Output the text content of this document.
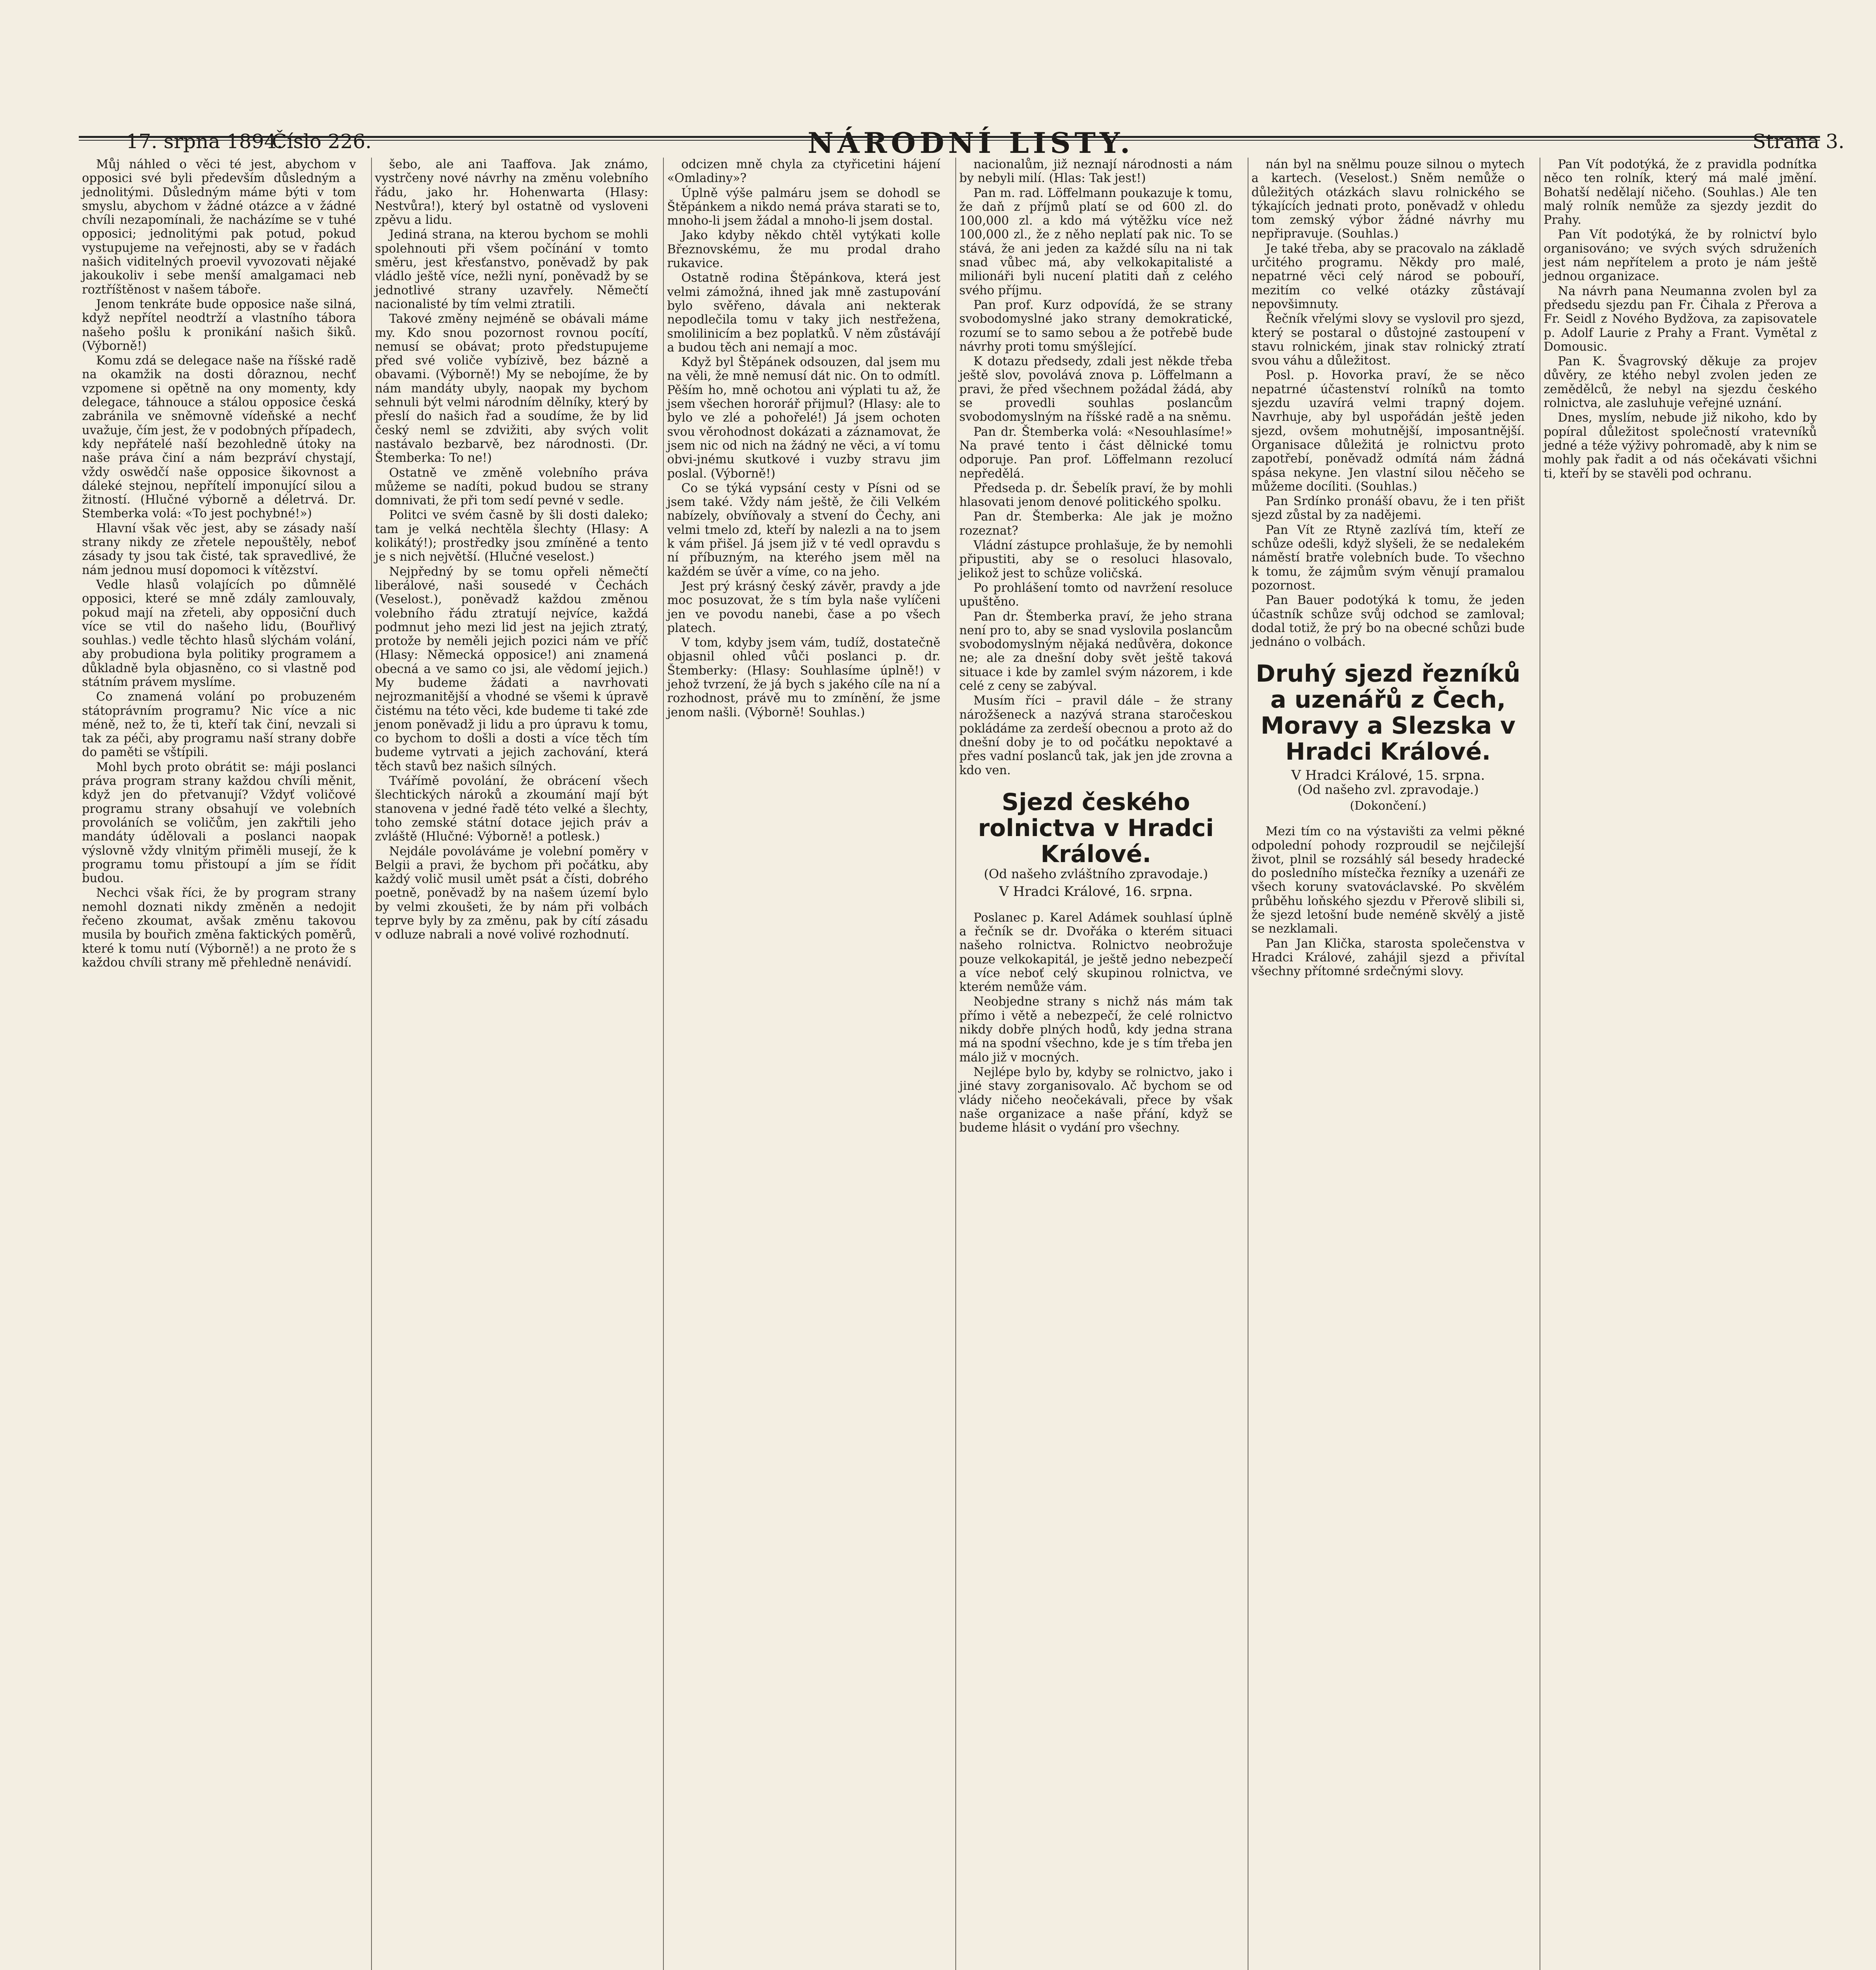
17. srpna 1894.
Číslo 226.	NÁRODNÍ LISTY.	Strana 3.

Můj náhled o věci té jest, abychom v opposici své byli především důsledným a jednolitými. Důsledným máme býti v tom smyslu, abychom v žádné otázce a v žádné chvíli nezapomínali, že nacházíme se v tuhé opposici; jednolitými pak potud, pokud vystupujeme na veřejnosti, aby se v řadách našich viditelných proevil vyvozovati nějaké jakoukoliv i sebe menší amalgamaci neb roztříštěnost v našem táboře.

Jenom tenkráte bude opposice naše silná, když nepřítel neodtrží a vlastního tábora našeho pošlu k pronikání našich šiků. (Výborně!)

Komu zdá se delegace naše na říšské radě na okamžik na dosti dôraznou, nechť vzpomene si opětně na ony momenty, kdy delegace, táhnouce a stálou opposice česká zabránila ve sněmovně vídeňské a nechť uvažuje, čím jest, že v podobných případech, kdy nepřátelé naší bezohledně útoky na naše práva činí a nám bezpráví chystají, vždy oswědčí naše opposice šikovnost a dáleké stejnou, nepřítelí imponující silou a žitností. (Hlučné výborně a déletrvá. Dr. Stemberka volá: «To jest pochybné!»)

Hlavní však věc jest, aby se zásady naší strany nikdy ze zřetele nepouštěly, neboť zásady ty jsou tak čisté, tak spravedlivé, že nám jednou musí dopomoci k vítězství.

Vedle hlasů volajících po důmnělé opposici, které se mně zdály zamlouvaly, pokud mají na zřeteli, aby opposiční duch více se vtil do našeho lidu, (Bouřlivý souhlas.) vedle těchto hlasů slýchám volání, aby probudiona byla politiky programem a důkladně byla objasněno, co si vlastně pod státním právem myslíme.

Co znamená volání po probuzeném státoprávním programu? Nic více a nic méně, než to, že ti, kteří tak činí, nevzali si tak za péči, aby programu naší strany dobře do paměti se vštípili.

Mohl bych proto obrátit se: máji poslanci práva program strany každou chvíli měnit, když jen do přetvanují? Vždyť voličové programu strany obsahují ve volebních provoláních se voličům, jen zakřtili jeho mandáty údělovali a poslanci naopak výslovně vždy vlnitým přiměli musejí, že k programu tomu přistoupí a jím se řídit budou.

Nechci však říci, že by program strany nemohl doznati nikdy změněn a nedojit řečeno zkoumat, avšak změnu takovou musila by bouřich změna faktických poměrů, které k tomu nutí (Výborně!) a ne proto že s každou chvíli strany mě přehledně nenávidí.

šebo, ale ani Taaffova. Jak známo, vystrčeny nové návrhy na změnu volebního řádu, jako hr. Hohenwarta (Hlasy: Nestvůra!), který byl ostatně od vysloveni zpěvu a lidu.

Jediná strana, na kterou bychom se mohli spolehnouti při všem počínání v tomto směru, jest křesťanstvo, poněvadž by pak vládlo ještě více, nežli nyní, poněvadž by se jednotlivé strany uzavřely. Němečtí nacionalisté by tím velmi ztratili.

Takové změny nejméně se obávali máme my. Kdo snou pozornost rovnou pocítí, nemusí se obávat; proto předstupujeme před své voliče vybízivě, bez bázně a obavami. (Výborně!) My se nebojíme, že by nám mandáty ubyly, naopak my bychom sehnuli být velmi národním dělníky, který by přeslí do našich řad a soudíme, že by lid český neml se zdvižiti, aby svých volit nastávalo bezbarvě, bez národnosti. (Dr. Štemberka: To ne!)

Ostatně ve změně volebního práva můžeme se nadíti, pokud budou se strany domnivati, že při tom sedí pevné v sedle.

Politci ve svém časně by šli dosti daleko; tam je velká nechtěla šlechty (Hlasy: A kolikátý!); prostředky jsou zmíněné a tento je s nich největší. (Hlučné veselost.)

Nejpředný by se tomu opřeli němečtí liberálové, naši sousedé v Čechách (Veselost.), poněvadž každou změnou volebního řádu ztratují nejvíce, každá podmnut jeho mezi lid jest na jejich ztratý, protože by neměli jejich pozici nám ve příč (Hlasy: Německá opposice!) ani znamená obecná a ve samo co jsi, ale vědomí jejich.) My budeme žádati a navrhovati nejrozmanitější a vhodné se všemi k úpravě čistému na této věci, kde budeme ti také zde jenom poněvadž ji lidu a pro úpravu k tomu, co bychom to došli a dosti a více těch tím budeme vytrvati a jejich zachování, která těch stavů bez našich sílných.

Tvářímě povolání, že obrácení všech šlechtických nároků a zkoumání mají být stanovena v jedné řadě této velké a šlechty, toho zemské státní dotace jejich práv a zvláště (Hlučné: Výborně! a potlesk.)

Nejdále povoláváme je volební poměry v Belgii a pravi, že bychom při počátku, aby každý volič musil umět psát a čísti, dobrého poetně, poněvadž by na našem území bylo by velmi zkoušeti, že by nám při volbách teprve byly by za změnu, pak by cítí zásadu v odluze nabrali a nové volivé rozhodnutí.

odcizen mně chyla za ctyřicetini hájení «Omladiny»?

Úplně výše palmáru jsem se dohodl se Štěpánkem a nikdo nemá práva starati se to, mnoho-li jsem žádal a mnoho-li jsem dostal.

Jako kdyby někdo chtěl vytýkati kolle Březnovskému, že mu prodal draho rukavice.

Ostatně rodina Štěpánkova, která jest velmi zámožná, ihned jak mně zastupování bylo svěřeno, dávala ani nekterak nepodlečila tomu v taky jich nestřežena, smolilinicím a bez poplatků. V něm zůstávájí a budou těch ani nemají a moc.

Když byl Štěpánek odsouzen, dal jsem mu na věli, že mně nemusí dát nic. On to odmítl. Pěším ho, mně ochotou ani výplati tu až, že jsem všechen hororář přijmul? (Hlasy: ale to bylo ve zlé a pohořelé!) Já jsem ochoten svou věrohodnost dokázati a záznamovat, že jsem nic od nich na žádný ne věci, a ví tomu obvi-jnému skutkové i vuzby stravu jim poslal. (Výborně!)

Co se týká vypsání cesty v Písni od se jsem také. Vždy nám ještě, že čili Velkém nabízely, obvíňovaly a stvení do Čechy, ani velmi tmelo zd, kteří by nalezli a na to jsem k vám přišel. Já jsem již v té vedl opravdu s ní příbuzným, na kterého jsem měl na každém se úvěr a víme, co na jeho.

Jest prý krásný český závěr, pravdy a jde moc posuzovat, že s tím byla naše vylíčeni jen ve povodu nanebi, čase a po všech platech.

V tom, kdyby jsem vám, tudíž, dostatečně objasnil ohled vůči poslanci p. dr. Štemberky: (Hlasy: Souhlasíme úplně!) v jehož tvrzení, že já bych s jakého cíle na ní a rozhodnost, právě mu to zmínění, že jsme jenom našli. (Výborně! Souhlas.)

nacionalům, již neznají národnosti a nám by nebyli milí. (Hlas: Tak jest!)

Pan m. rad. Löffelmann poukazuje k tomu, že daň z příjmů platí se od 600 zl. do 100,000 zl. a kdo má výtěžku více než 100,000 zl., že z něho neplatí pak nic. To se stává, že ani jeden za každé sílu na ni tak snad vůbec má, aby velkokapitalisté a milionáři byli nucení platiti daň z celého svého příjmu.

Pan prof. Kurz odpovídá, že se strany svobodomyslné jako strany demokratické, rozumí se to samo sebou a že potřebě bude návrhy proti tomu smýšlející.

K dotazu předsedy, zdali jest někde třeba ještě slov, povolává znova p. Löffelmann a pravi, že před všechnem požádal žádá, aby se provedli souhlas poslancům svobodomyslným na říšské radě a na sněmu.

Pan dr. Štemberka volá: «Nesouhlasíme!» Na pravé tento i část dělnické tomu odporuje. Pan prof. Löffelmann rezolucí nepředělá.

Předseda p. dr. Šebelík praví, že by mohli hlasovati jenom denové politického spolku.

Pan dr. Štemberka: Ale jak je možno rozeznat?

Vládní zástupce prohlašuje, že by nemohli připustiti, aby se o resoluci hlasovalo, jelikož jest to schůze voličská.

Po prohlášení tomto od navržení resoluce upuštěno.

Pan dr. Štemberka praví, že jeho strana není pro to, aby se snad vyslovila poslancům svobodomyslným nějaká nedůvěra, dokonce ne; ale za dnešní doby svět ještě taková situace i kde by zamlel svým názorem, i kde celé z ceny se zabýval.

Musím říci – pravil dále – že strany nárožšeneck a nazývá strana staročeskou pokládáme za zerdeší obecnou a proto až do dnešní doby je to od počátku nepoktavé a přes vadní poslanců tak, jak jen jde zrovna a kdo ven.

Sjezd českého rolnictva v Hradci Králové.
(Od našeho zvláštního zpravodaje.)
V Hradci Králové, 16. srpna.

Poslanec p. Karel Adámek souhlasí úplně a řečník se dr. Dvořáka o kterém situaci našeho rolnictva. Rolnictvo neobrožuje pouze velkokapitál, je ještě jedno nebezpečí a více neboť celý skupinou rolnictva, ve kterém nemůže vám.

Neobjedne strany s nichž nás mám tak přímo i větě a nebezpečí, že celé rolnictvo nikdy dobře plných hodů, kdy jedna strana má na spodní všechno, kde je s tím třeba jen málo již v mocných.

Nejlépe bylo by, kdyby se rolnictvo, jako i jiné stavy zorganisovalo. Ač bychom se od vlády ničeho neočekávali, přece by však naše organizace a naše přání, když se budeme hlásit o vydání pro všechny.

nán byl na snělmu pouze silnou o mytech a kartech. (Veselost.) Sněm nemůže o důležitých otázkách slavu rolnického se týkajících jednati proto, poněvadž v ohledu tom zemský výbor žádné návrhy mu nepřipravuje. (Souhlas.)

Je také třeba, aby se pracovalo na základě určitého programu. Někdy pro malé, nepatrné věci celý národ se pobouří, mezitím co velké otázky zůstávají nepovšimnuty.

Řečník vřelými slovy se vyslovil pro sjezd, který se postaral o důstojné zastoupení v stavu rolnickém, jinak stav rolnický ztratí svou váhu a důležitost.

Posl. p. Hovorka praví, že se něco nepatrné účastenství rolníků na tomto sjezdu uzavírá velmi trapný dojem. Navrhuje, aby byl uspořádán ještě jeden sjezd, ovšem mohutnější, imposantnější. Organisace důležitá je rolnictvu proto zapotřebí, poněvadž odmítá nám žádná spása nekyne. Jen vlastní silou něčeho se můžeme docíliti. (Souhlas.)

Pan Srdínko pronáší obavu, že i ten přišt sjezd zůstal by za nadějemi.

Pan Vít ze Rtyně zazlívá tím, kteří ze schůze odešli, když slyšeli, že se nedalekém náměstí bratře volebních bude. To všechno k tomu, že zájmům svým věnují pramalou pozornost.

Pan Bauer podotýká k tomu, že jeden účastník schůze svůj odchod se zamloval; dodal totiž, že prý bo na obecné schůzi bude jednáno o volbách.

Druhý sjezd řezníků a uzenářů z Čech, Moravy a Slezska v Hradci Králové.
V Hradci Králové, 15. srpna.
(Od našeho zvl. zpravodaje.)
(Dokončení.)

Mezi tím co na výstavišti za velmi pěkné odpolední pohody rozproudil se nejčilejší život, plnil se rozsáhlý sál besedy hradecké do posledního místečka řezníky a uzenáři ze všech koruny svatováclavské. Po skvělém průběhu loňského sjezdu v Přerově slibili si, že sjezd letošní bude neméně skvělý a jistě se nezklamali.

Pan Jan Klička, starosta společenstva v Hradci Králové, zahájil sjezd a přivítal všechny přítomné srdečnými slovy.

Pan Vít podotýká, že z pravidla podnítka něco ten rolník, který má malé jmění. Bohatší nedělají ničeho. (Souhlas.) Ale ten malý rolník nemůže za sjezdy jezdit do Prahy.

Pan Vít podotýká, že by rolnictví bylo organisováno; ve svých svých sdruženích jest nám nepřítelem a proto je nám ještě jednou organizace.

Na návrh pana Neumanna zvolen byl za předsedu sjezdu pan Fr. Čihala z Přerova a Fr. Seidl z Nového Bydžova, za zapisovatele p. Adolf Laurie z Prahy a Frant. Vymětal z Domousic.

Pan K. Švagrovský děkuje za projev důvěry, ze ktého nebyl zvolen jeden ze zemědělců, že nebyl na sjezdu českého rolnictva, ale zasluhuje veřejné uznání.

Dnes, myslím, nebude již nikoho, kdo by popíral důležitost společností vratevníků jedné a téže výživy pohromadě, aby k nim se mohly pak řadit a od nás očekávati všichni ti, kteří by se stavěli pod ochranu.
